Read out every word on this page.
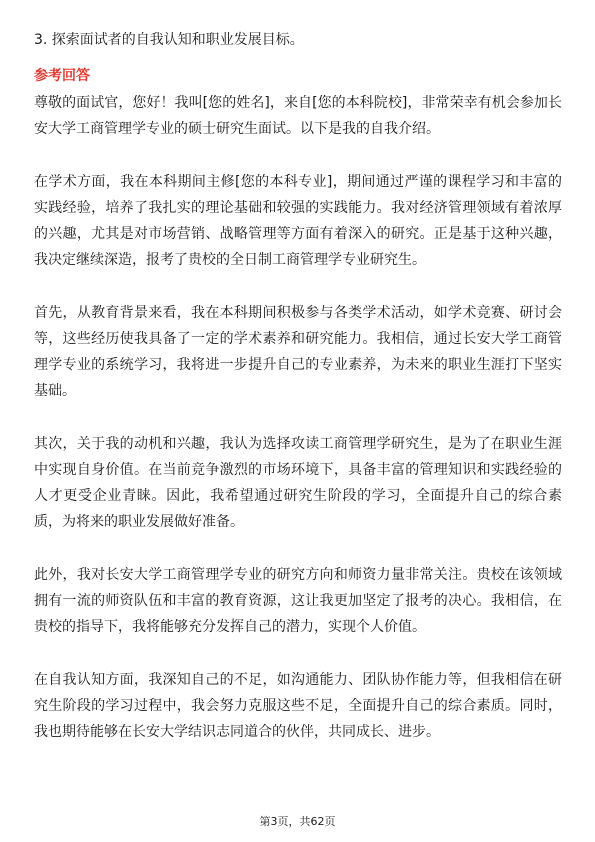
3. 探索面试者的自我认知和职业发展目标。
参考回答

尊敬的面试官，您好！我叫[您的姓名]，来自[您的本科院校]，非常荣幸有机会参加长安大学工商管理学专业的硕士研究生面试。以下是我的自我介绍。

在学术方面，我在本科期间主修[您的本科专业]，期间通过严谨的课程学习和丰富的实践经验，培养了我扎实的理论基础和较强的实践能力。我对经济管理领域有着浓厚的兴趣，尤其是对市场营销、战略管理等方面有着深入的研究。正是基于这种兴趣，我决定继续深造，报考了贵校的全日制工商管理学专业研究生。

首先，从教育背景来看，我在本科期间积极参与各类学术活动，如学术竞赛、研讨会等，这些经历使我具备了一定的学术素养和研究能力。我相信，通过长安大学工商管理学专业的系统学习，我将进一步提升自己的专业素养，为未来的职业生涯打下坚实基础。

其次，关于我的动机和兴趣，我认为选择攻读工商管理学研究生，是为了在职业生涯中实现自身价值。在当前竞争激烈的市场环境下，具备丰富的管理知识和实践经验的人才更受企业青睐。因此，我希望通过研究生阶段的学习，全面提升自己的综合素质，为将来的职业发展做好准备。

此外，我对长安大学工商管理学专业的研究方向和师资力量非常关注。贵校在该领域拥有一流的师资队伍和丰富的教育资源，这让我更加坚定了报考的决心。我相信，在贵校的指导下，我将能够充分发挥自己的潜力，实现个人价值。

在自我认知方面，我深知自己的不足，如沟通能力、团队协作能力等，但我相信在研究生阶段的学习过程中，我会努力克服这些不足，全面提升自己的综合素质。同时，我也期待能够在长安大学结识志同道合的伙伴，共同成长、进步。

第3页，共62页
